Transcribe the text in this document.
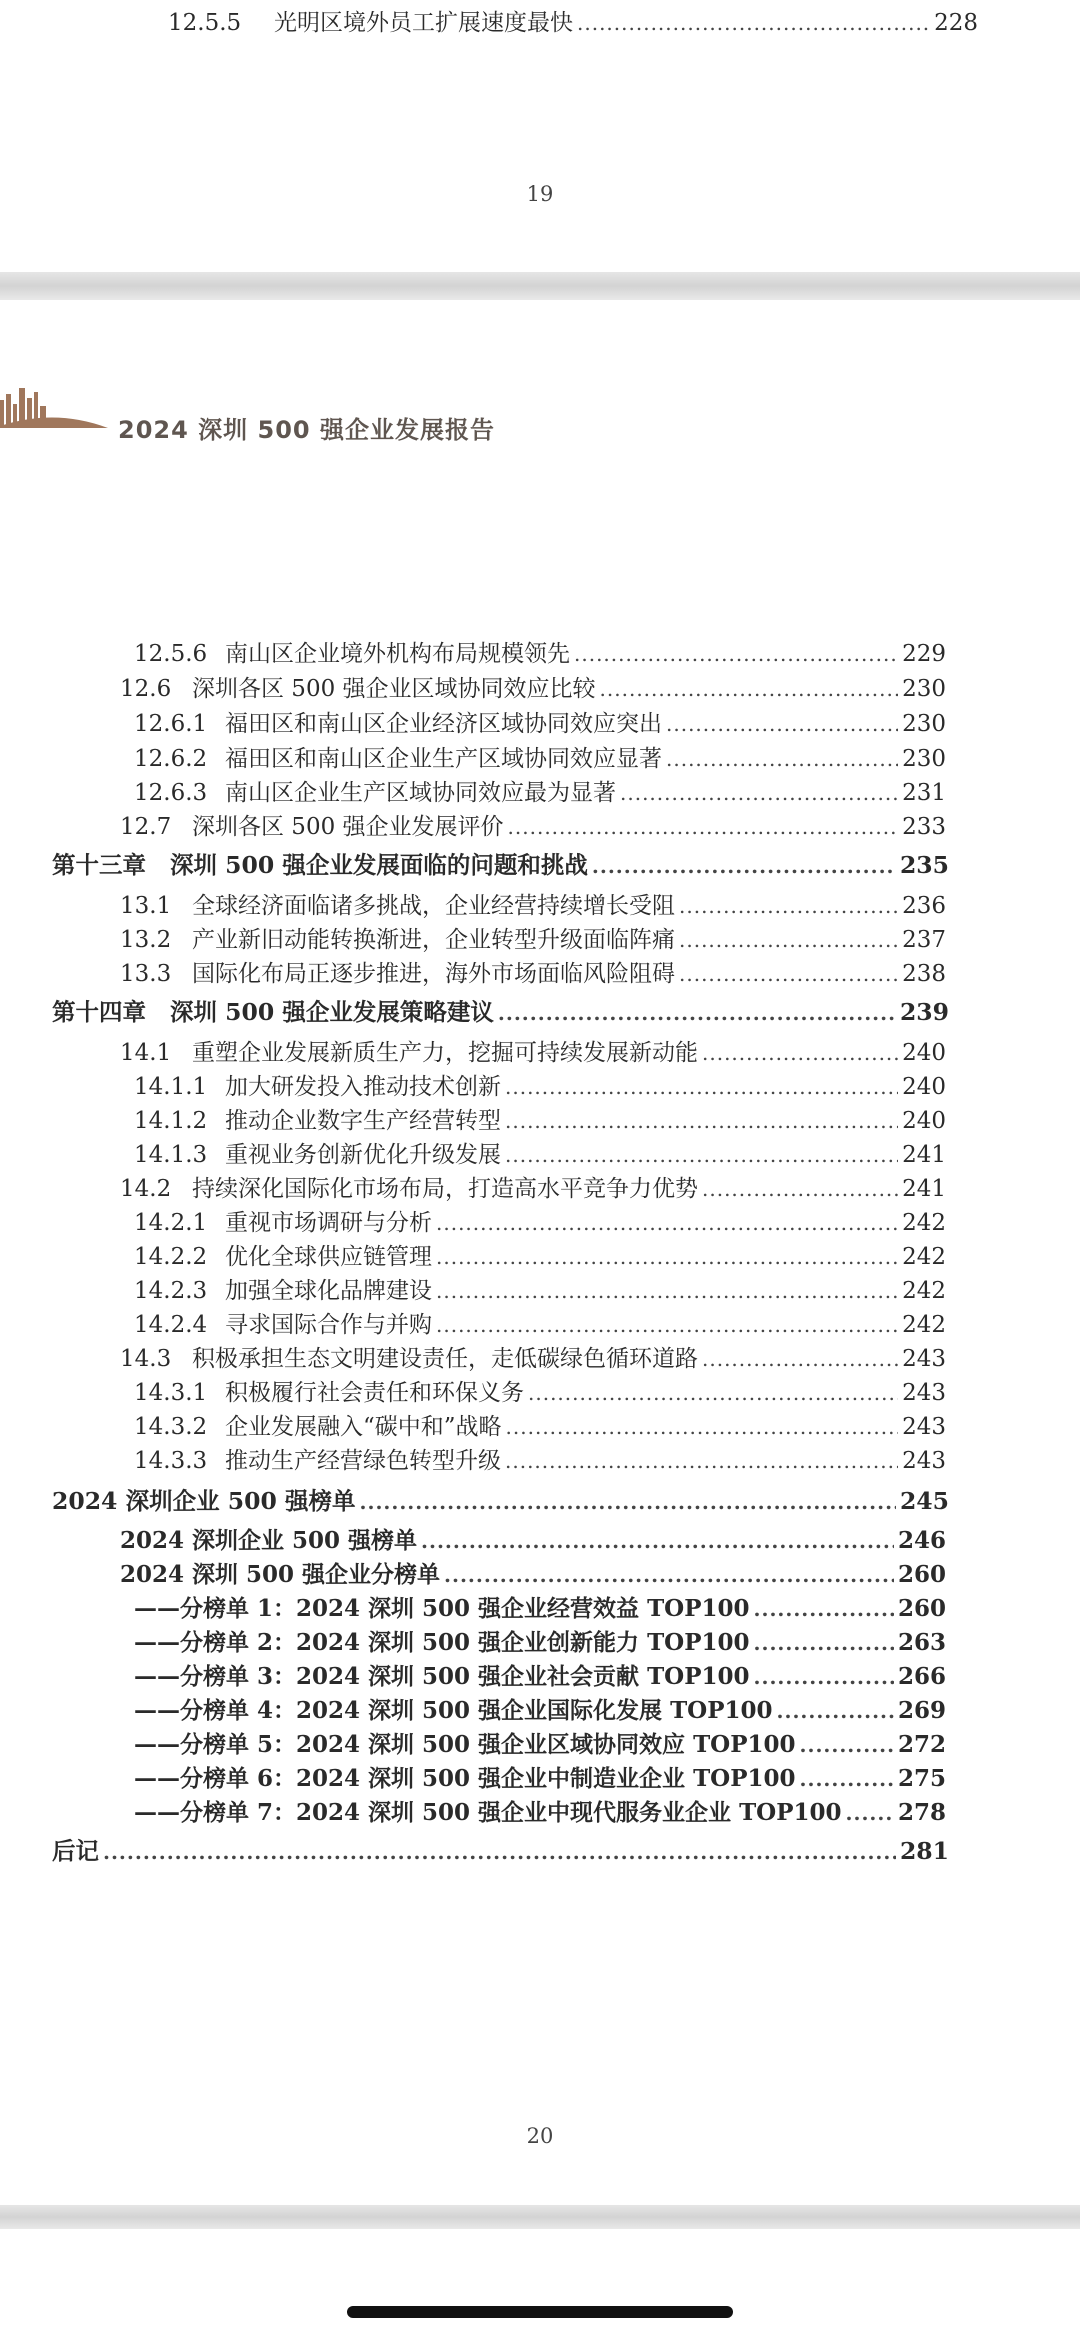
12.5.5	光明区境外员工扩展速度最快 .....	228
19
2024 深圳 500 强企业发展报告
12.5.6 南山区企业境外机构布局规模领先 .....	229
12.6 深圳各区 500 强企业区域协同效应比较 .....	230
12.6.1 福田区和南山区企业经济区域协同效应突出 .....	230
12.6.2 福田区和南山区企业生产区域协同效应显著 .....	230
12.6.3 南山区企业生产区域协同效应最为显著 .....	231
12.7 深圳各区 500 强企业发展评价 .....	233
第十三章 深圳 500 强企业发展面临的问题和挑战 .....	235
13.1 全球经济面临诸多挑战，企业经营持续增长受阻 .....	236
13.2 产业新旧动能转换渐进，企业转型升级面临阵痛 .....	237
13.3 国际化布局正逐步推进，海外市场面临风险阻碍 .....	238
第十四章 深圳 500 强企业发展策略建议 .....	239
14.1 重塑企业发展新质生产力，挖掘可持续发展新动能 .....	240
14.1.1 加大研发投入推动技术创新 .....	240
14.1.2 推动企业数字生产经营转型 .....	240
14.1.3 重视业务创新优化升级发展 .....	241
14.2 持续深化国际化市场布局，打造高水平竞争力优势 .....	241
14.2.1 重视市场调研与分析 .....	242
14.2.2 优化全球供应链管理 .....	242
14.2.3 加强全球化品牌建设 .....	242
14.2.4 寻求国际合作与并购 .....	242
14.3 积极承担生态文明建设责任，走低碳绿色循环道路 .....	243
14.3.1 积极履行社会责任和环保义务 .....	243
14.3.2 企业发展融入“碳中和”战略 .....	243
14.3.3 推动生产经营绿色转型升级 .....	243
2024 深圳企业 500 强榜单 .....	245
2024 深圳企业 500 强榜单 .....	246
2024 深圳 500 强企业分榜单 .....	260
——分榜单 1：2024 深圳 500 强企业经营效益 TOP100 .....	260
——分榜单 2：2024 深圳 500 强企业创新能力 TOP100 .....	263
——分榜单 3：2024 深圳 500 强企业社会贡献 TOP100 .....	266
——分榜单 4：2024 深圳 500 强企业国际化发展 TOP100 .....	269
——分榜单 5：2024 深圳 500 强企业区域协同效应 TOP100 .....	272
——分榜单 6：2024 深圳 500 强企业中制造业企业 TOP100 .....	275
——分榜单 7：2024 深圳 500 强企业中现代服务业企业 TOP100 ..... 278
后记 .....	281
20
